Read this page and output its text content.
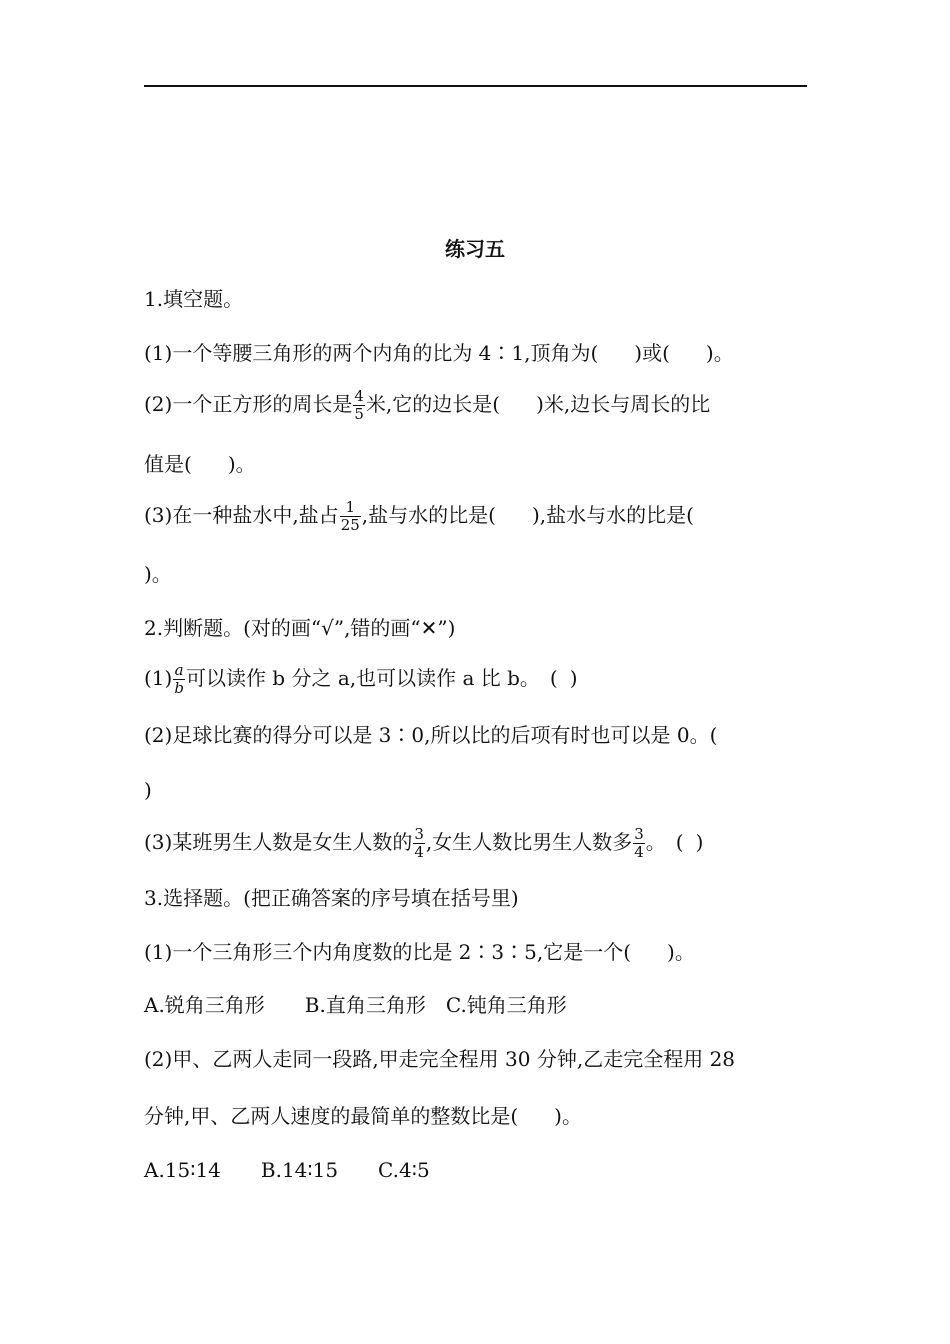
练习五
1.填空题。
(1)一个等腰三角形的两个内角的比为 4∶1,顶角为( )或( )。
(2)一个正方形的周长是 $\frac{4}{5}$ 米,它的边长是( )米,边长与周长的比
值是( )。
(3)在一种盐水中,盐占 $\frac{1}{25}$ ,盐与水的比是( ),盐水与水的比是(
)。
2.判断题。(对的画“√”,错的画“✕”)
$(1) \frac{a}{b}$ 可以读作 b 分之 a,也可以读作 a 比 b。　( )
(2)足球比赛的得分可以是 3∶0,所以比的后项有时也可以是 0。(
)
(3)某班男生人数是女生人数的 $\frac{3}{4}$ ,女生人数比男生人数多 $\frac{3}{4}$ 。　( )
3.选择题。(把正确答案的序号填在括号里)
(1)一个三角形三个内角度数的比是 2∶3∶5,它是一个( )。
A.锐角三角形　　B.直角三角形　C.钝角三角形
(2)甲、乙两人走同一段路,甲走完全程用 30 分钟,乙走完全程用 28
分钟,甲、乙两人速度的最简单的整数比是( )。
A.15∶14　　B.14∶15　　C.4∶5
